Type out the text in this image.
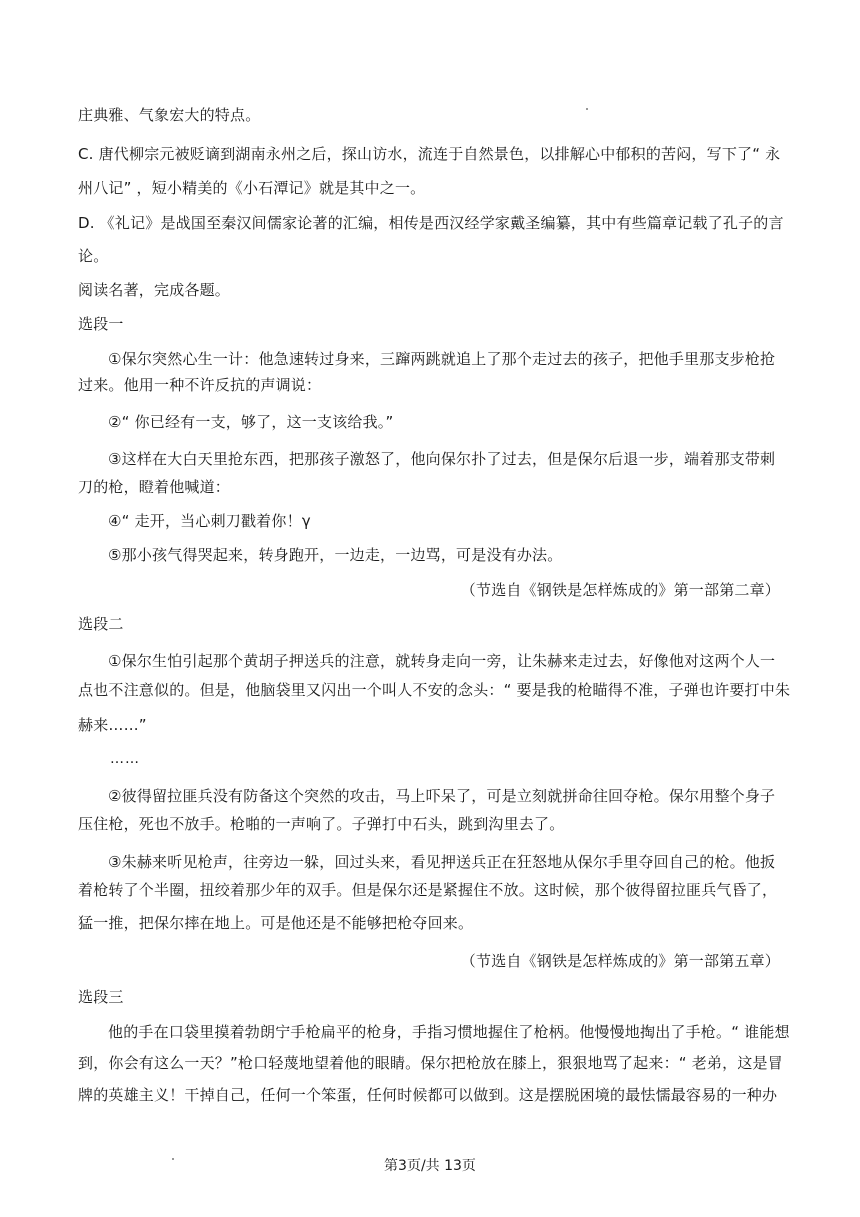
庄典雅、气象宏大的特点。
C. 唐代柳宗元被贬谪到湖南永州之后，探山访水，流连于自然景色，以排解心中郁积的苦闷，写下了“ 永
州八记” ，短小精美的《小石潭记》就是其中之一。
D. 《礼记》是战国至秦汉间儒家论著的汇编，相传是西汉经学家戴圣编纂，其中有些篇章记载了孔子的言
论。
阅读名著，完成各题。
选段一
①保尔突然心生一计：他急速转过身来，三蹿两跳就追上了那个走过去的孩子，把他手里那支步枪抢
过来。他用一种不许反抗的声调说：
②“ 你已经有一支，够了，这一支该给我。”
③这样在大白天里抢东西，把那孩子激怒了，他向保尔扑了过去，但是保尔后退一步，端着那支带刺
刀的枪，瞪着他喊道：
④“ 走开，当心刺刀戳着你！γ
⑤那小孩气得哭起来，转身跑开，一边走，一边骂，可是没有办法。
（节选自《钢铁是怎样炼成的》第一部第二章）
选段二
①保尔生怕引起那个黄胡子押送兵的注意，就转身走向一旁，让朱赫来走过去，好像他对这两个人一
点也不注意似的。但是，他脑袋里又闪出一个叫人不安的念头：“ 要是我的枪瞄得不准，子弹也许要打中朱
赫来……”
……
②彼得留拉匪兵没有防备这个突然的攻击，马上吓呆了，可是立刻就拼命往回夺枪。保尔用整个身子
压住枪，死也不放手。枪啪的一声响了。子弹打中石头，跳到沟里去了。
③朱赫来听见枪声，往旁边一躲，回过头来，看见押送兵正在狂怒地从保尔手里夺回自己的枪。他扳
着枪转了个半圈，扭绞着那少年的双手。但是保尔还是紧握住不放。这时候，那个彼得留拉匪兵气昏了，
猛一推，把保尔摔在地上。可是他还是不能够把枪夺回来。
（节选自《钢铁是怎样炼成的》第一部第五章）
选段三
他的手在口袋里摸着勃朗宁手枪扁平的枪身，手指习惯地握住了枪柄。他慢慢地掏出了手枪。“ 谁能想
到，你会有这么一天？”枪口轻蔑地望着他的眼睛。保尔把枪放在膝上，狠狠地骂了起来：“ 老弟，这是冒
牌的英雄主义！干掉自己，任何一个笨蛋，任何时候都可以做到。这是摆脱困境的最怯懦最容易的一种办
第3页/共 13页
